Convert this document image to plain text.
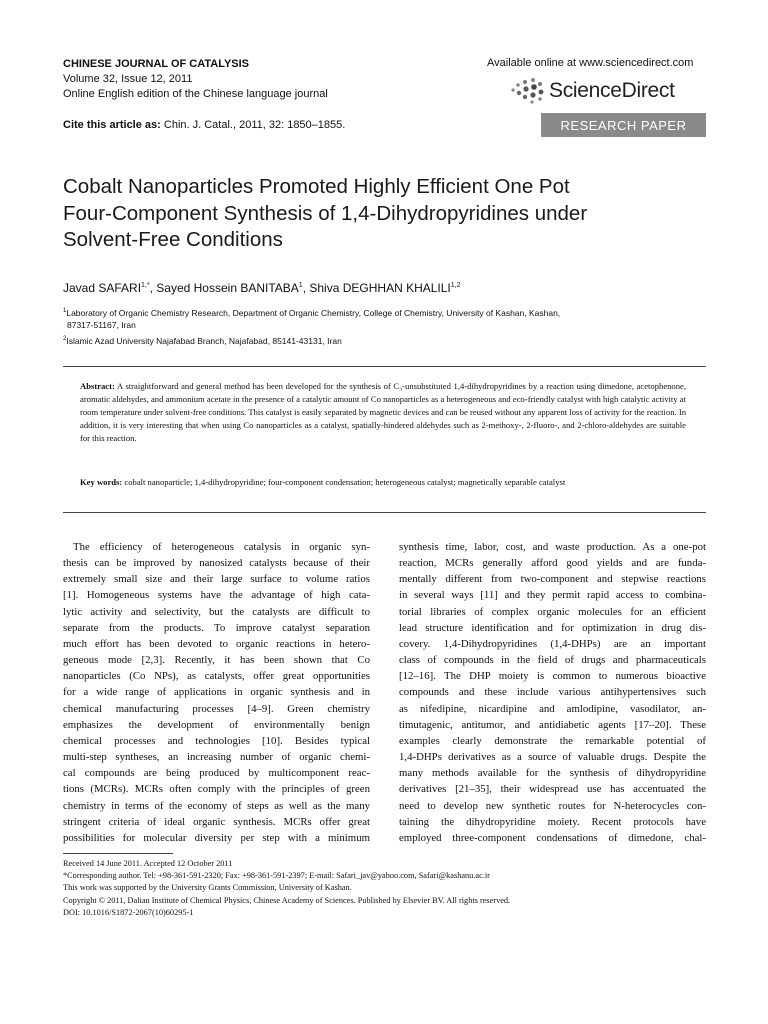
CHINESE JOURNAL OF CATALYSIS
Volume 32, Issue 12, 2011
Online English edition of the Chinese language journal
Available online at www.sciencedirect.com
ScienceDirect
Cite this article as: Chin. J. Catal., 2011, 32: 1850–1855.	RESEARCH PAPER
Cobalt Nanoparticles Promoted Highly Efficient One Pot
Four-Component Synthesis of 1,4-Dihydropyridines under
Solvent-Free Conditions
Javad $SAFARI^{1,*}$, Sayed Hossein BANITABA$^1$, Shiva DEGHHAN KHALILI$^{1,2}$
$^1$Laboratory of Organic Chemistry Research, Department of Organic Chemistry, College of Chemistry, University of Kashan, Kashan,
87317-51167, Iran
$^2$Islamic Azad University Najafabad Branch, Najafabad, 85141-43131, Iran
Abstract: A straightforward and general method has been developed for the synthesis of C₃-unsubstituted 1,4-dihydropyridines by a reaction using dimedone, acetophenone, aromatic aldehydes, and ammonium acetate in the presence of a catalytic amount of Co nanoparticles as a heterogeneous and eco-friendly catalyst with high catalytic activity at room temperature under solvent-free conditions. This catalyst is easily separated by magnetic devices and can be reused without any apparent loss of activity for the reaction. In addition, it is very interesting that when using Co nanoparticles as a catalyst, spatially-hindered aldehydes such as 2-methoxy-, 2-fluoro-, and 2-chloro-aldehydes are suitable for this reaction.
Key words: cobalt nanoparticle; 1,4-dihydropyridine; four-component condensation; heterogeneous catalyst; magnetically separable catalyst
The efficiency of heterogeneous catalysis in organic syn-
thesis can be improved by nanosized catalysts because of their
extremely small size and their large surface to volume ratios
[1]. Homogeneous systems have the advantage of high cata-
lytic activity and selectivity, but the catalysts are difficult to
separate from the products. To improve catalyst separation
much effort has been devoted to organic reactions in hetero-
geneous mode [2,3]. Recently, it has been shown that Co
nanoparticles (Co NPs), as catalysts, offer great opportunities
for a wide range of applications in organic synthesis and in
chemical manufacturing processes [4–9]. Green chemistry
emphasizes the development of environmentally benign
chemical processes and technologies [10]. Besides typical
multi-step syntheses, an increasing number of organic chemi-
cal compounds are being produced by multicomponent reac-
tions (MCRs). MCRs often comply with the principles of green
chemistry in terms of the economy of steps as well as the many
stringent criteria of ideal organic synthesis. MCRs offer great
possibilities for molecular diversity per step with a minimum
synthesis time, labor, cost, and waste production. As a one-pot
reaction, MCRs generally afford good yields and are funda-
mentally different from two-component and stepwise reactions
in several ways [11] and they permit rapid access to combina-
torial libraries of complex organic molecules for an efficient
lead structure identification and for optimization in drug dis-
covery. 1,4-Dihydropyridines (1,4-DHPs) are an important
class of compounds in the field of drugs and pharmaceuticals
[12–16]. The DHP moiety is common to numerous bioactive
compounds and these include various antihypertensives such
as nifedipine, nicardipine and amlodipine, vasodilator, an-
timutagenic, antitumor, and antidiabetic agents [17–20]. These
examples clearly demonstrate the remarkable potential of
1,4-DHPs derivatives as a source of valuable drugs. Despite the
many methods available for the synthesis of dihydropyridine
derivatives [21–35], their widespread use has accentuated the
need to develop new synthetic routes for N-heterocycles con-
taining the dihydropyridine moiety. Recent protocols have
employed three-component condensations of dimedone, chal-
Received 14 June 2011. Accepted 12 October 2011
*Corresponding author. Tel: +98-361-591-2320; Fax: +98-361-591-2397; E-mail: Safari_jav@yahoo.com, Safari@kashanu.ac.ir
This work was supported by the University Grants Commission, University of Kashan.
Copyright © 2011, Dalian Institute of Chemical Physics, Chinese Academy of Sciences. Published by Elsevier BV. All rights reserved.
DOI: 10.1016/S1872-2067(10)60295-1
